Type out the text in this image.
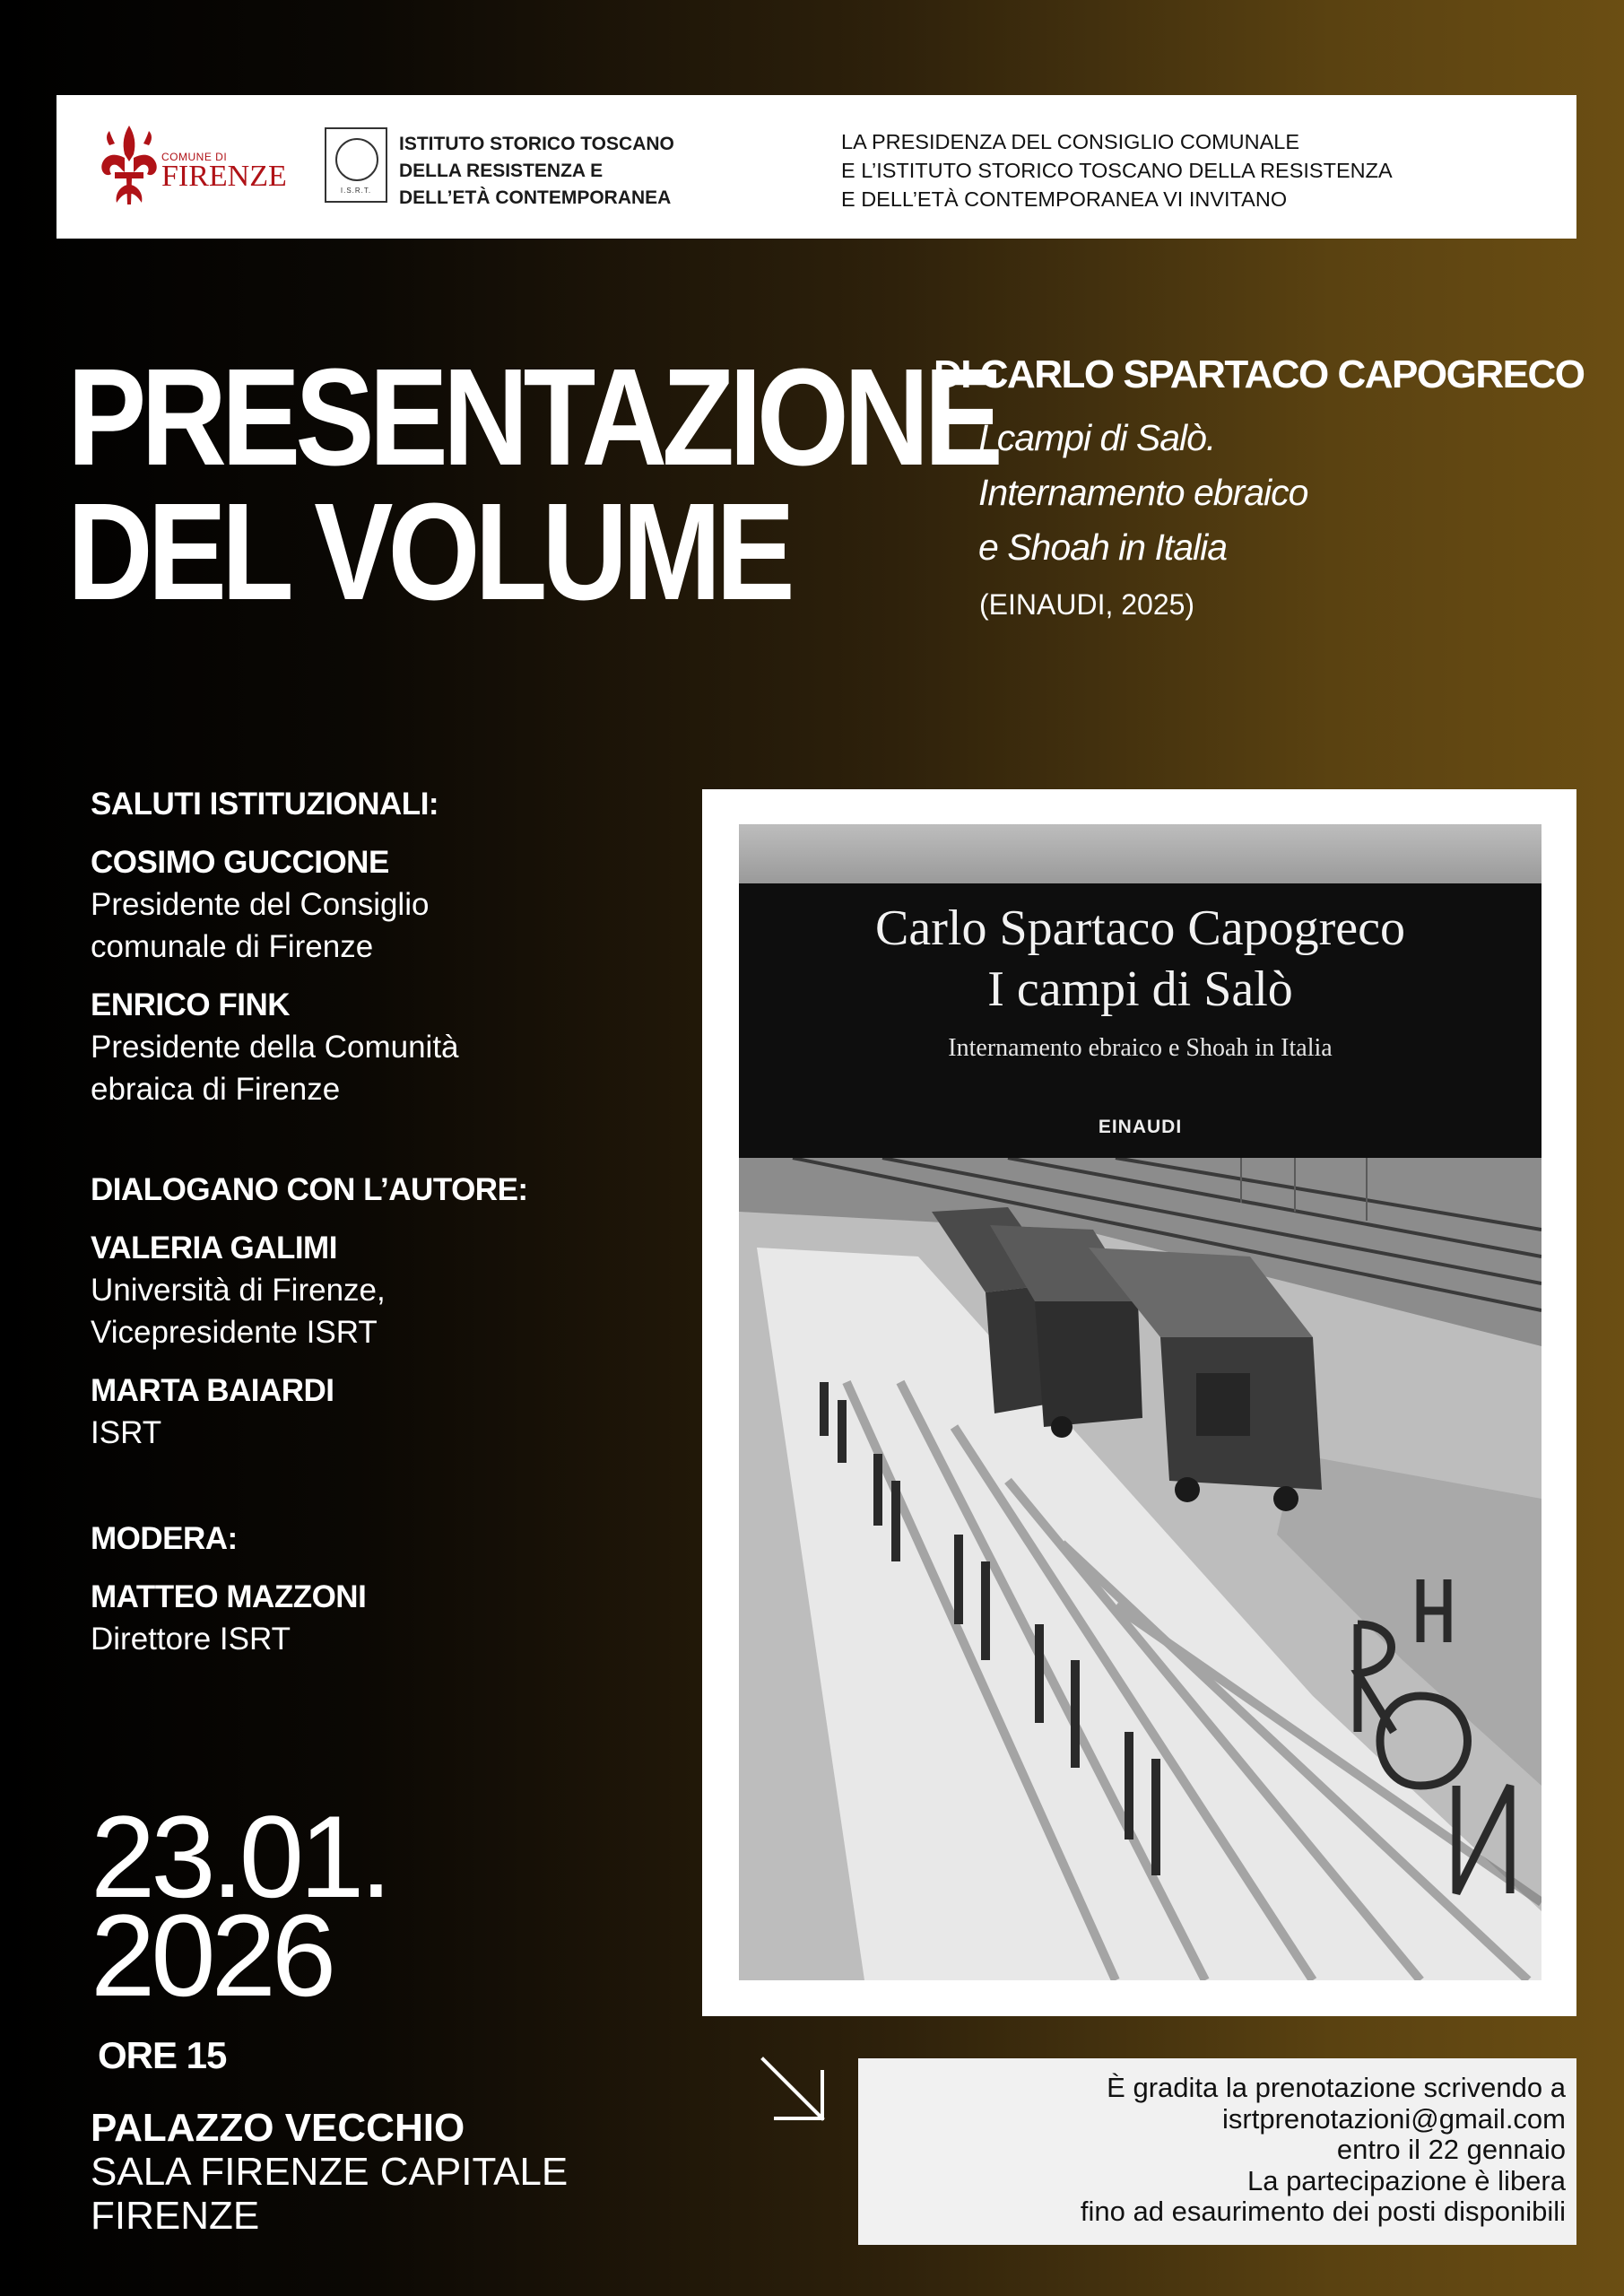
COMUNE DI
FIRENZE	I.S.R.T.
ISTITUTO STORICO TOSCANO
DELLA RESISTENZA E
DELL’ETÀ CONTEMPORANEA
LA PRESIDENZA DEL CONSIGLIO COMUNALE
E L’ISTITUTO STORICO TOSCANO DELLA RESISTENZA
E DELL’ETÀ CONTEMPORANEA VI INVITANO
PRESENTAZIONE
DEL VOLUME
DI CARLO SPARTACO CAPOGRECO
I campi di Salò.
Internamento ebraico
e Shoah in Italia
(EINAUDI, 2025)
SALUTI ISTITUZIONALI:
COSIMO GUCCIONE
Presidente del Consiglio
comunale di Firenze
ENRICO FINK
Presidente della Comunità
ebraica di Firenze
DIALOGANO CON L’AUTORE:
VALERIA GALIMI
Università di Firenze,
Vicepresidente ISRT
MARTA BAIARDI
ISRT
MODERA:
MATTEO MAZZONI
Direttore ISRT
23.01.
2026
ORE 15
PALAZZO VECCHIO
SALA FIRENZE CAPITALE
FIRENZE
Carlo Spartaco Capogreco
I campi di Salò
Internamento ebraico e Shoah in Italia
EINAUDI
È gradita la prenotazione scrivendo a
isrtprenotazioni@gmail.com
entro il 22 gennaio
La partecipazione è libera
fino ad esaurimento dei posti disponibili
